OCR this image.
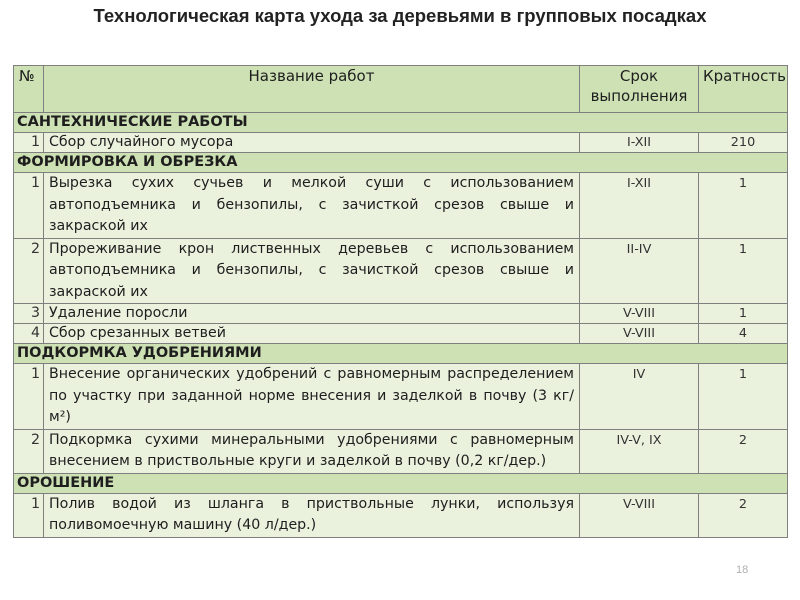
Технологическая карта ухода за деревьями в групповых посадках
№	Название работ	Срок выполнения	Кратность
САНТЕХНИЧЕСКИЕ РАБОТЫ			
1	Сбор случайного мусора	I-XII	210
ФОРМИРОВКА И ОБРЕЗКА			
1	Вырезка сухих сучьев и мелкой суши с использованием автоподъемника и бензопилы, с зачисткой срезов свыше и закраской их	I-XII	1
2	Прореживание крон лиственных деревьев с использованием автоподъемника и бензопилы, с зачисткой срезов свыше и закраской их	II-IV	1
3	Удаление поросли	V-VIII	1
4	Cбор срезанных ветвей	V-VIII	4
ПОДКОРМКА УДОБРЕНИЯМИ			
1	Внесение органических удобрений с равномерным распределением по участку при заданной норме внесения и заделкой в почву (3 кг/м²)	IV	1
2	Подкормка сухими минеральными удобрениями с равномерным внесением в приствольные круги и заделкой в почву (0,2 кг/дер.)	IV-V, IX	2
ОРОШЕНИЕ			
1	Полив водой из шланга в приствольные лунки, используя поливомоечную машину (40 л/дер.)	V-VIII	2
18
